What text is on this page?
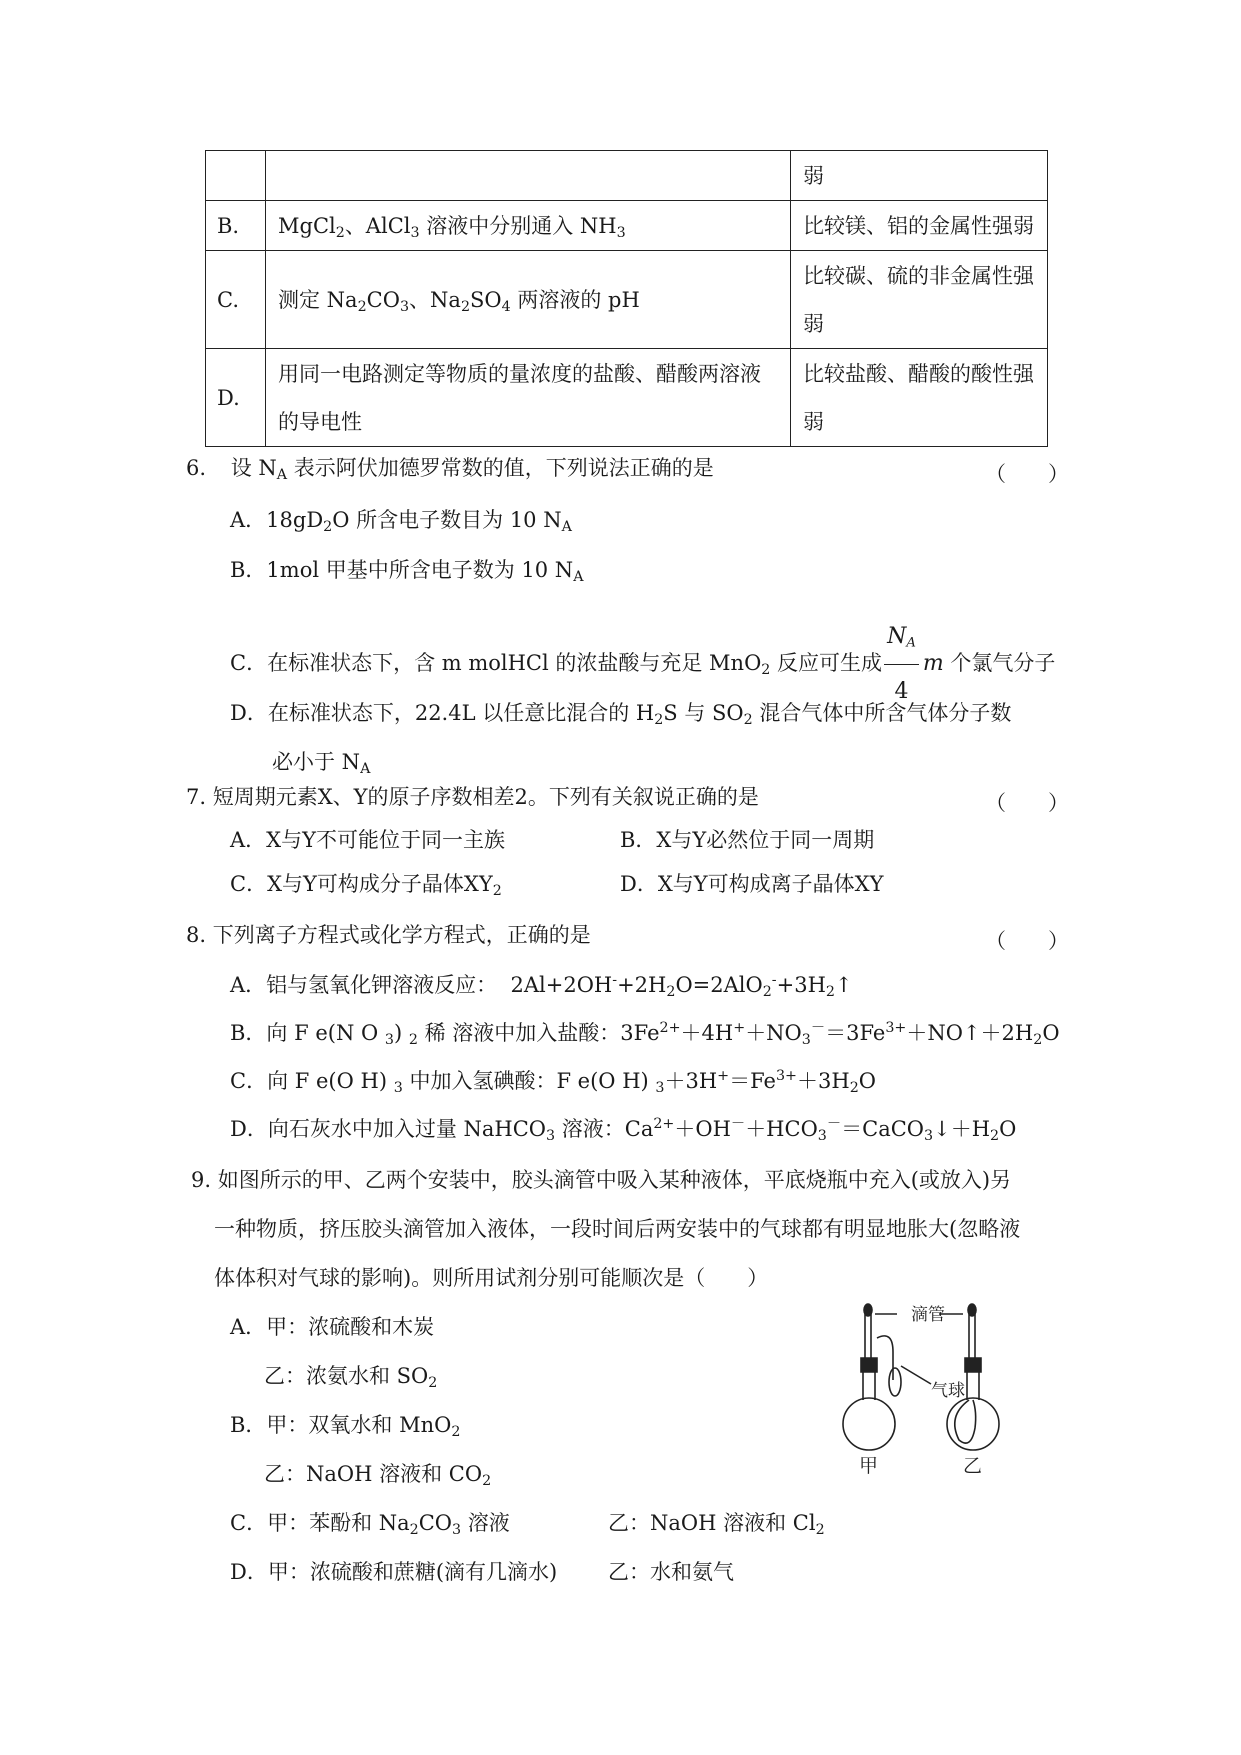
		弱
B.	MgCl$_2$、AlCl$_3$ 溶液中分别通入 $NH_3$	比较镁、铝的金属性强弱
C.	测定 $Na_2CO_3$、$Na_2SO_4$ 两溶液的 pH	比较碳、硫的非金属性强弱
D.	用同一电路测定等物质的量浓度的盐酸、醋酸两溶液的导电性	比较盐酸、醋酸的酸性强弱
6. 设 $N_A$ 表示阿伏加德罗常数的值，下列说法正确的是	（　　）
A．$18gD_2O$ 所含电子数目为 10 $N_A$
B．1mol 甲基中所含电子数为 10 $N_A$
C．在标准状态下，含 m molHCl 的浓盐酸与充足 MnO$_2$ 反应可生成 $\frac{N_A}{4}$ m 个氯气分子
D．在标准状态下，22.4L 以任意比混合的 $H_2S$ 与 $SO_2$ 混合气体中所含气体分子数
必小于 $N_A$
7. 短周期元素X、Y的原子序数相差2。下列有关叙说正确的是	（　　）
A．X与Y不可能位于同一主族	B．X与Y必然位于同一周期
C．X与Y可构成分子晶体$XY_2$	D．X与Y可构成离子晶体XY
8. 下列离子方程式或化学方程式，正确的是	（　　）
A．铝与氢氧化钾溶液反应：  $2Al+2OH^-+2H_2O=2AlO_2^-+3H_2↑$
B．向 F e(N O $_3$) $_2$ 稀 溶液中加入盐酸：$3Fe^{2+}+4H^++NO_3^-=3Fe^{3+}+NO↑+2H_2O$
C．向 F e(O H) $_3$ 中加入氢碘酸：F e(O H) $_3+3H^+=Fe^{3+}+3H_2O$
D．向石灰水中加入过量 NaHCO$_3$ 溶液：$Ca^{2+}+OH^-+HCO_3^-=CaCO_3↓+H_2O$
9. 如图所示的甲、乙两个安装中，胶头滴管中吸入某种液体，平底烧瓶中充入(或放入)另
一种物质，挤压胶头滴管加入液体，一段时间后两安装中的气球都有明显地胀大(忽略液
体体积对气球的影响)。则所用试剂分别可能顺次是（　　）
A．甲：浓硫酸和木炭
乙：浓氨水和 $SO_2$
B．甲：双氧水和 MnO$_2$
乙：NaOH 溶液和 $CO_2$
C．甲：苯酚和 $Na_2CO_3$ 溶液	乙：NaOH 溶液和 $Cl_2$
D．甲：浓硫酸和蔗糖(滴有几滴水) 乙：水和氨气
滴管
气球
甲	乙
